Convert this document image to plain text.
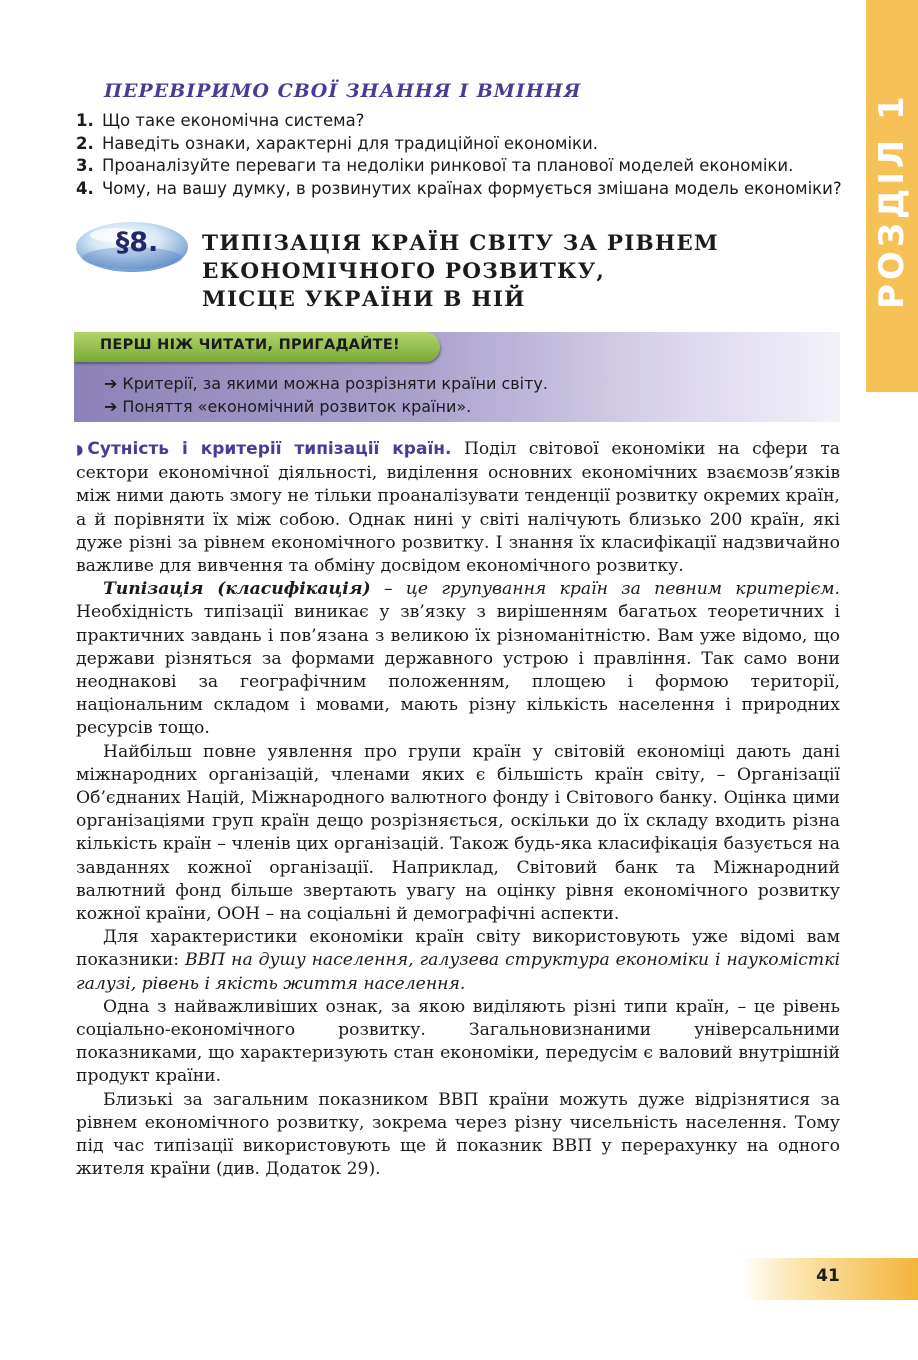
РОЗДІЛ 1
ПЕРЕВІРИМО СВОЇ ЗНАННЯ І ВМІННЯ
1. Що таке економічна система?
2. Наведіть ознаки, характерні для традиційної економіки.
3. Проаналізуйте переваги та недоліки ринкової та планової моделей економіки.
4. Чому, на вашу думку, в розвинутих країнах формується змішана модель економіки?
§8.	ТИПІЗАЦІЯ КРАЇН СВІТУ ЗА РІВНЕМ
ЕКОНОМІЧНОГО РОЗВИТКУ,
МІСЦЕ УКРАЇНИ В НІЙ
ПЕРШ НІЖ ЧИТАТИ, ПРИГАДАЙТЕ!
➔ Критерії, за якими можна розрізняти країни світу.
➔ Поняття «економічний розвиток країни».

◗ Сутність і критерії типізації країн. Поділ світової економіки на сфери та сектори економічної діяльності, виділення основних економічних взаємозв’язків між ними дають змогу не тільки проаналізувати тенденції розвитку окремих країн, а й порівняти їх між собою. Однак нині у світі налічують близько 200 країн, які дуже різні за рівнем економічного розвитку. І знання їх класифікації надзвичайно важливе для вивчення та обміну досвідом економічного розвитку.

Типізація (класифікація) – це групування країн за певним критерієм. Необхідність типізації виникає у зв’язку з вирішенням багатьох теоретичних і практичних завдань і пов’язана з великою їх різноманітністю. Вам уже відомо, що держави різняться за формами державного устрою і правління. Так само вони неоднакові за географічним положенням, площею і формою території, національним складом і мовами, мають різну кількість населення і природних ресурсів тощо.

Найбільш повне уявлення про групи країн у світовій економіці дають дані міжнародних організацій, членами яких є більшість країн світу, – Організації Об’єднаних Націй, Міжнародного валютного фонду і Світового банку. Оцінка цими організаціями груп країн дещо розрізняється, оскільки до їх складу входить різна кількість країн – членів цих організацій. Також будь-яка класифікація базується на завданнях кожної організації. Наприклад, Світовий банк та Міжнародний валютний фонд більше звертають увагу на оцінку рівня економічного розвитку кожної країни, ООН – на соціальні й демографічні аспекти.

Для характеристики економіки країн світу використовують уже відомі вам показники: ВВП на душу населення, галузева структура економіки і наукомісткі галузі, рівень і якість життя населення.

Одна з найважливіших ознак, за якою виділяють різні типи країн, – це рівень соціально-економічного розвитку. Загальновизнаними універсальними показниками, що характеризують стан економіки, передусім є валовий внутрішній продукт країни.

Близькі за загальним показником ВВП країни можуть дуже відрізнятися за рівнем економічного розвитку, зокрема через різну чисельність населення. Тому під час типізації використовують ще й показник ВВП у перерахунку на одного жителя країни (див. Додаток 29).

41
